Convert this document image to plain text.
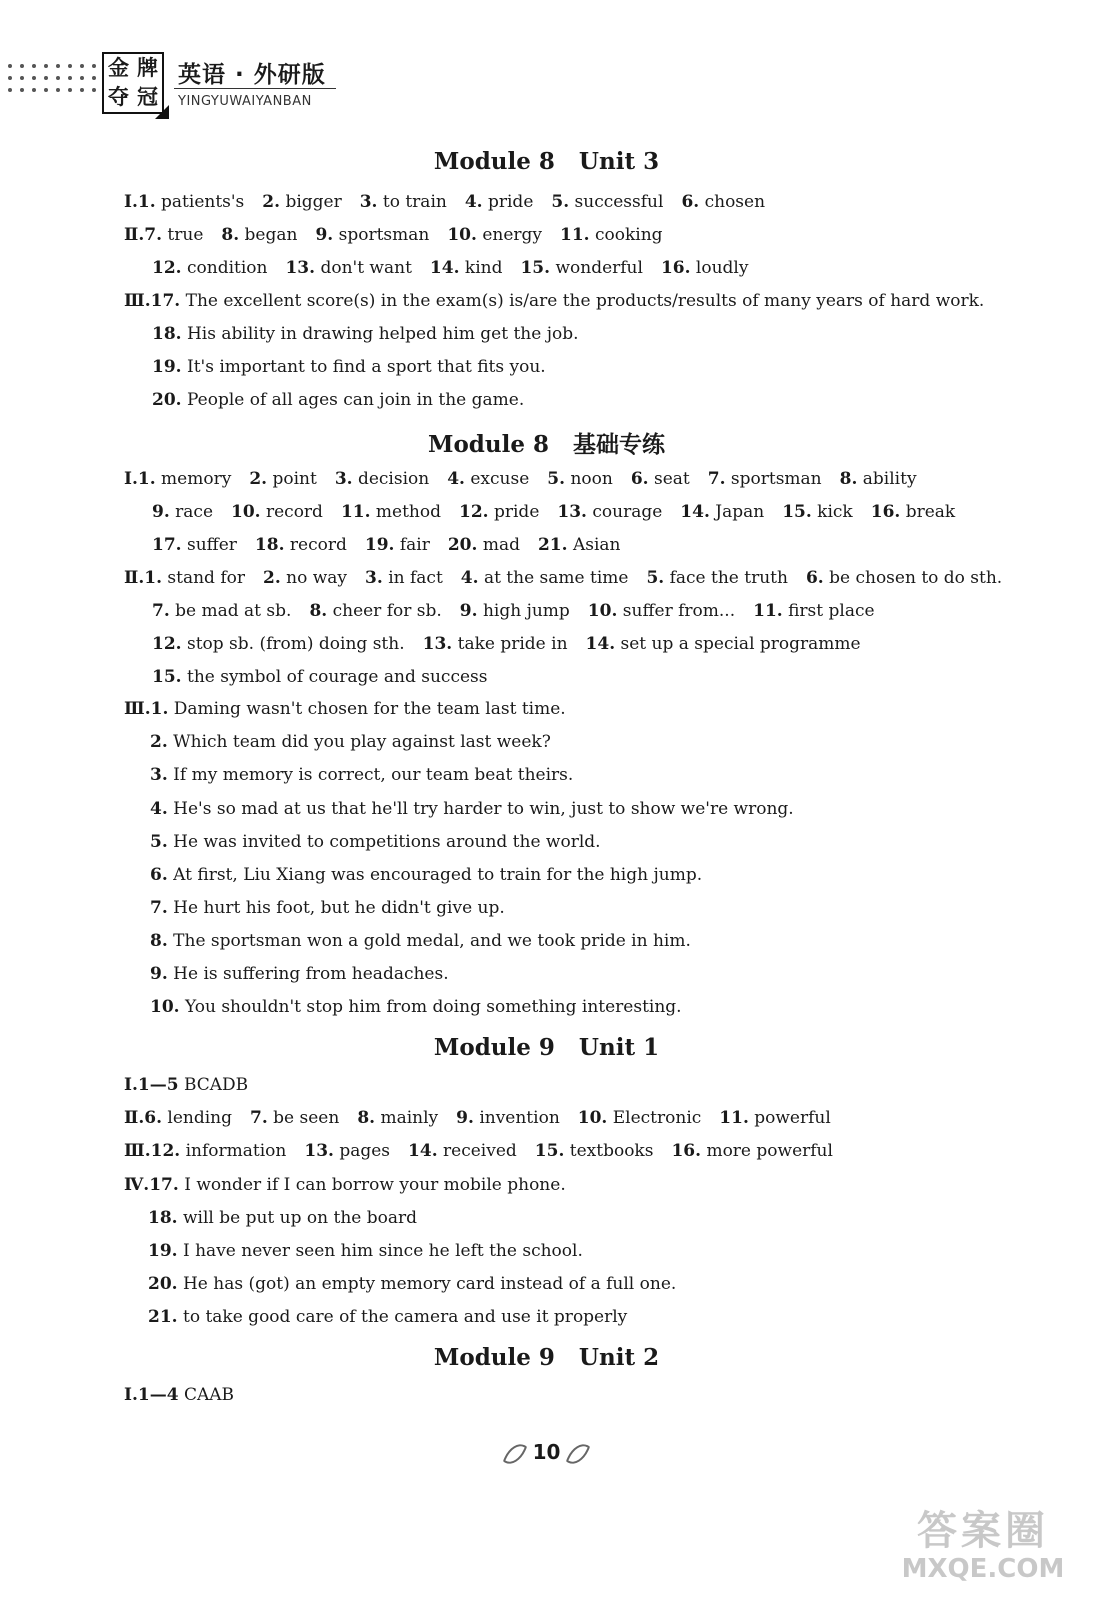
金 牌
夺 冠
英语 · 外研版
YINGYUWAIYANBAN
Module 8 Unit 3
Ⅰ.1. patients's 2. bigger 3. to train 4. pride 5. successful 6. chosen
Ⅱ.7. true 8. began 9. sportsman 10. energy 11. cooking
12. condition 13. don't want 14. kind 15. wonderful 16. loudly
Ⅲ.17. The excellent score(s) in the exam(s) is/are the products/results of many years of hard work.
18. His ability in drawing helped him get the job.
19. It's important to find a sport that fits you.
20. People of all ages can join in the game.
Module 8 基础专练
Ⅰ.1. memory 2. point 3. decision 4. excuse 5. noon 6. seat 7. sportsman 8. ability
9. race 10. record 11. method 12. pride 13. courage 14. Japan 15. kick 16. break
17. suffer 18. record 19. fair 20. mad 21. Asian
Ⅱ.1. stand for 2. no way 3. in fact 4. at the same time 5. face the truth 6. be chosen to do sth.
7. be mad at sb. 8. cheer for sb. 9. high jump 10. suffer from... 11. first place
12. stop sb. (from) doing sth. 13. take pride in 14. set up a special programme
15. the symbol of courage and success
Ⅲ.1. Daming wasn't chosen for the team last time.
2. Which team did you play against last week?
3. If my memory is correct, our team beat theirs.
4. He's so mad at us that he'll try harder to win, just to show we're wrong.
5. He was invited to competitions around the world.
6. At first, Liu Xiang was encouraged to train for the high jump.
7. He hurt his foot, but he didn't give up.
8. The sportsman won a gold medal, and we took pride in him.
9. He is suffering from headaches.
10. You shouldn't stop him from doing something interesting.
Module 9 Unit 1
Ⅰ.1—5 BCADB
Ⅱ.6. lending 7. be seen 8. mainly 9. invention 10. Electronic 11. powerful
Ⅲ.12. information 13. pages 14. received 15. textbooks 16. more powerful
Ⅳ.17. I wonder if I can borrow your mobile phone.
18. will be put up on the board
19. I have never seen him since he left the school.
20. He has (got) an empty memory card instead of a full one.
21. to take good care of the camera and use it properly
Module 9 Unit 2
Ⅰ.1—4 CAAB
10
答案圈
MXQE.COM
